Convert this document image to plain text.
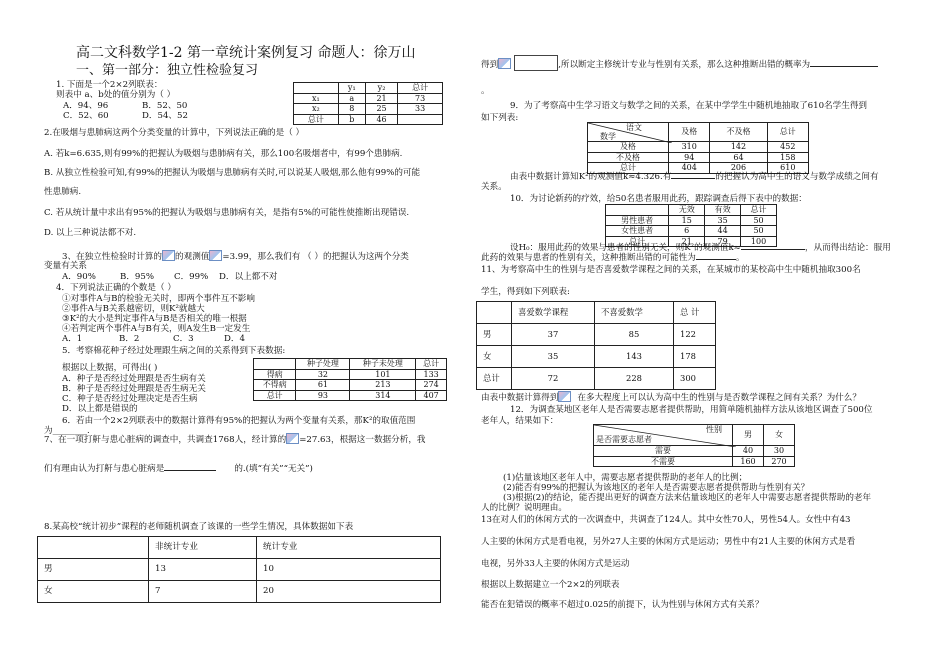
高二文科数学1-2 第一章统计案例复习 命题人：徐万山
一、第一部分：独立性检验复习
1. 下面是一个2×2列联表：
则表中 a、b处的值分别为（ ）
A．94、96	B．52、50
C．52、60	D．54、52
	y₁	y₂	总计
x₁	a	21	73
x₂	8	25	33
总计	b	46	
2.在吸烟与患肺病这两个分类变量的计算中，下列说法正确的是（ ）
A. 若k=6.635,则有99%的把握认为吸烟与患肺病有关，那么100名吸烟者中，有99个患肺病.
B. 从独立性检验可知,有99%的把握认为吸烟与患肺病有关时,可以说某人吸烟,那么他有99%的可能
性患肺病.
C. 若从统计量中求出有95%的把握认为吸烟与患肺病有关，是指有5%的可能性使推断出现错误.
D. 以上三种说法都不对.
3、在独立性检验时计算的 的观测值 =3.99，那么我们有 （ ）的把握认为这两个分类
变量有关系
A．90%	B．95% C．99% D．以上都不对
4．下列说法正确的个数是（ ）
①对事件A与B的检验无关时，即两个事件互不影响
②事件A与B关系越密切，则K²就越大
③K²的大小是判定事件A与B是否相关的唯一根据
④若判定两个事件A与B有关，则A发生B一定发生
A．1	B．2	C．3	D．4
5．考察棉花种子经过处理跟生病之间的关系得到下表数据:
根据以上数据，可得出( )
A．种子是否经过处理跟是否生病有关
B．种子是否经过处理跟是否生病无关
C．种子是否经过处理决定是否生病
D．以上都是错误的
	种子处理	种子未处理	总计
得病	32	101	133
不得病	61	213	274
总计	93	314	407
6．若由一个2×2列联表中的数据计算得有95%的把握认为两个变量有关系，那K²的取值范围
为________.
7、在一项打鼾与患心脏病的调查中，共调查1768人，经计算的 =27.63，根据这一数据分析，我
们有理由认为打鼾与患心脏病是	的.(填“有关”“无关”)
8.某高校“统计初步”课程的老师随机调查了该课的一些学生情况，具体数据如下表
	非统计专业	统计专业
男	13	10
女	7	20
得到	,所以断定主修统计专业与性别有关系，那么这种推断出错的概率为
。
9．为了考察高中生学习语文与数学之间的关系，在某中学学生中随机地抽取了610名学生得到
如下列表:
语文
数学	及格	不及格	总计
及格	310	142	452
不及格	94	64	158
总计	404	206	610
由表中数据计算知K²的观测值k≈4.326.有	的把握认为高中生的语文与数学成绩之间有
关系。
10．为讨论新药的疗效，给50名患者服用此药，跟踪调查后得下表中的数据：
	无效	有效	总计
男性患者	15	35	50
女性患者	6	44	50
总计	21	79	100
设H₀：服用此药的效果与患者的性别无关，则K²的观测值k≈	，从而得出结论：服用
此药的效果与患者的性别有关，这种推断出错的可能性为	。
11、为考察高中生的性别与是否喜爱数学课程之间的关系，在某城市的某校高中生中随机抽取300名
学生，得到如下列联表:
	喜爱数学课程	不喜爱数学	总 计
男	37	85	122
女	35	143	178
总计	72	228	300
由表中数据计算得到 在多大程度上可以认为高中生的性别与是否数学课程之间有关系？为什么？
12．为调查某地区老年人是否需要志愿者提供帮助，用简单随机抽样方法从该地区调查了500位
老年人，结果如下：
性别
是否需要志愿者	男	女
需要	40	30
不需要	160	270
(1)估量该地区老年人中，需要志愿者提供帮助的老年人的比例；
(2)能否有99%的把握认为该地区的老年人是否需要志愿者提供帮助与性别有关？
(3)根据(2)的结论，能否提出更好的调查方法来估量该地区的老年人中需要志愿者提供帮助的老年
人的比例？说明理由。
13在对人们的休闲方式的一次调查中，共调查了124人。其中女性70人，男性54人。女性中有43
人主要的休闲方式是看电视，另外27人主要的休闲方式是运动；男性中有21人主要的休闲方式是看
电视，另外33人主要的休闲方式是运动
根据以上数据建立一个2×2的列联表
能否在犯错误的概率不超过0.025的前提下，认为性别与休闲方式有关系？
